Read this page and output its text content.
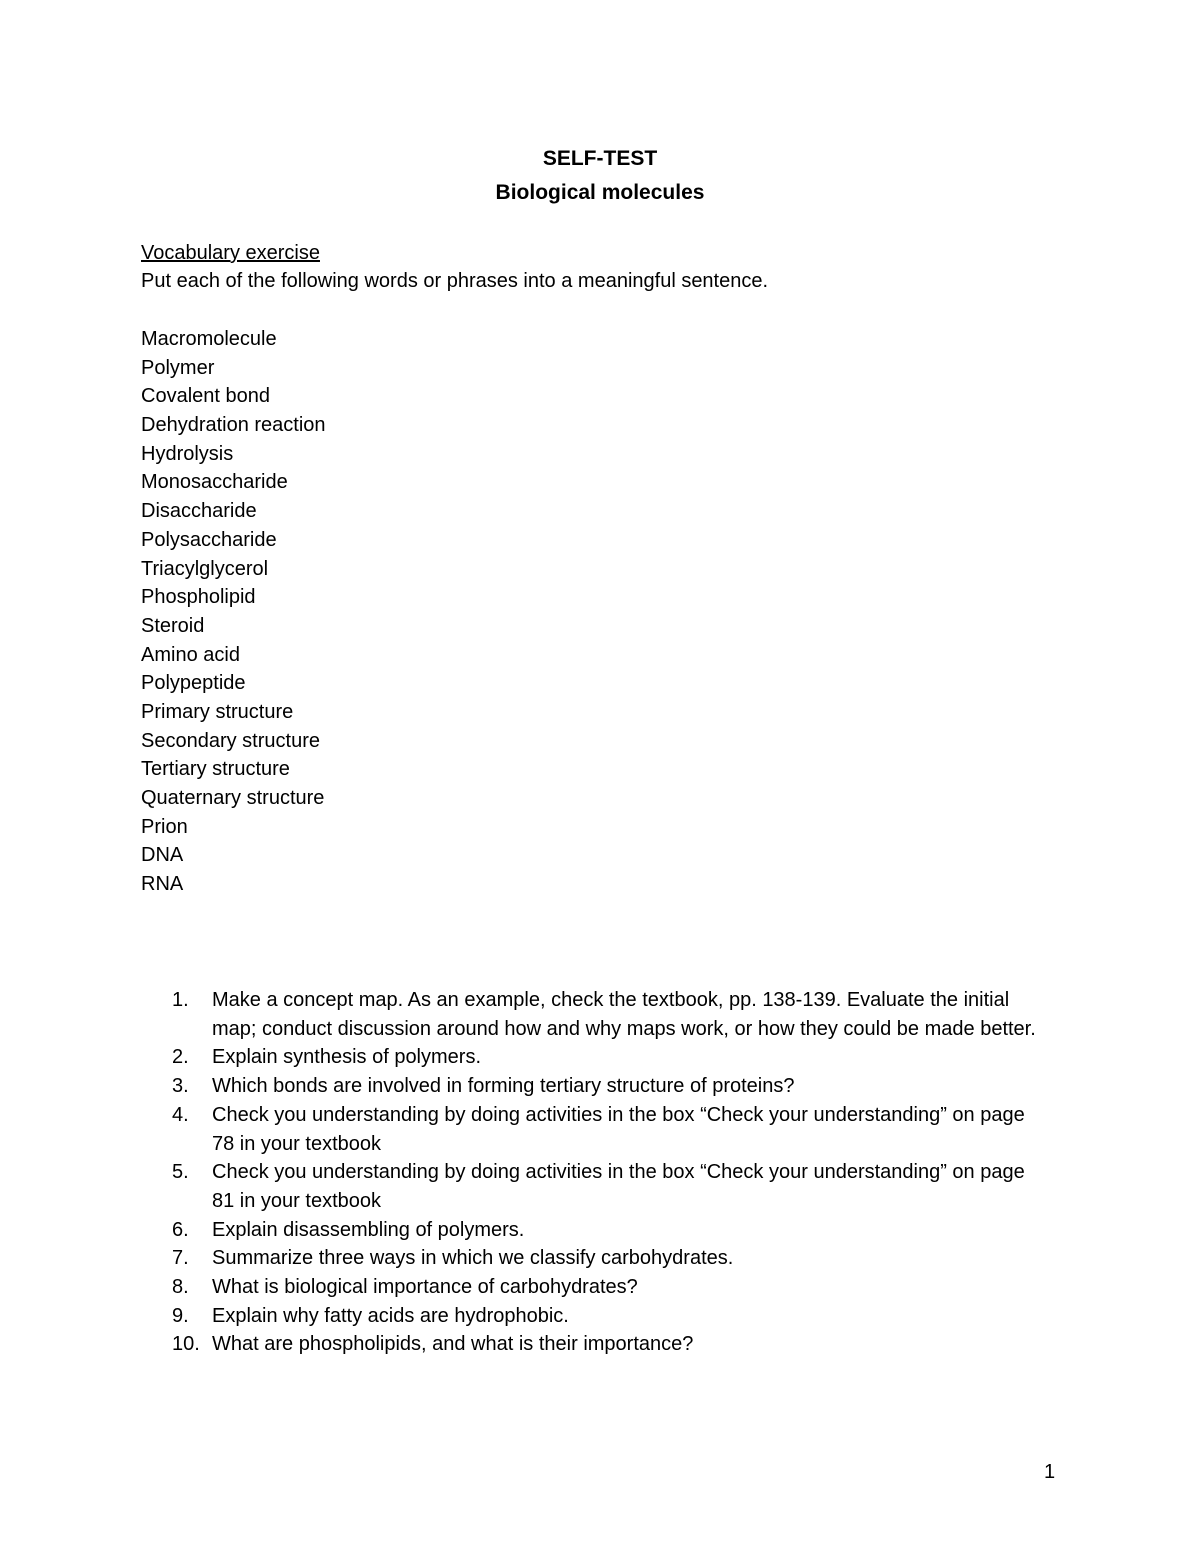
SELF-TEST
Biological molecules
Vocabulary exercise
Put each of the following words or phrases into a meaningful sentence.
Macromolecule
Polymer
Covalent bond
Dehydration reaction
Hydrolysis
Monosaccharide
Disaccharide
Polysaccharide
Triacylglycerol
Phospholipid
Steroid
Amino acid
Polypeptide
Primary structure
Secondary structure
Tertiary structure
Quaternary structure
Prion
DNA
RNA
1.	Make a concept map. As an example, check the textbook, pp. 138-139. Evaluate the initial map; conduct discussion around how and why maps work, or how they could be made better.
2.	Explain synthesis of polymers.
3.	Which bonds are involved in forming tertiary structure of proteins?
4.	Check you understanding by doing activities in the box “Check your understanding” on page 78 in your textbook
5.	Check you understanding by doing activities in the box “Check your understanding” on page 81 in your textbook
6.	Explain disassembling of polymers.
7.	Summarize three ways in which we classify carbohydrates.
8.	What is biological importance of carbohydrates?
9.	Explain why fatty acids are hydrophobic.
10. What are phospholipids, and what is their importance?
1
